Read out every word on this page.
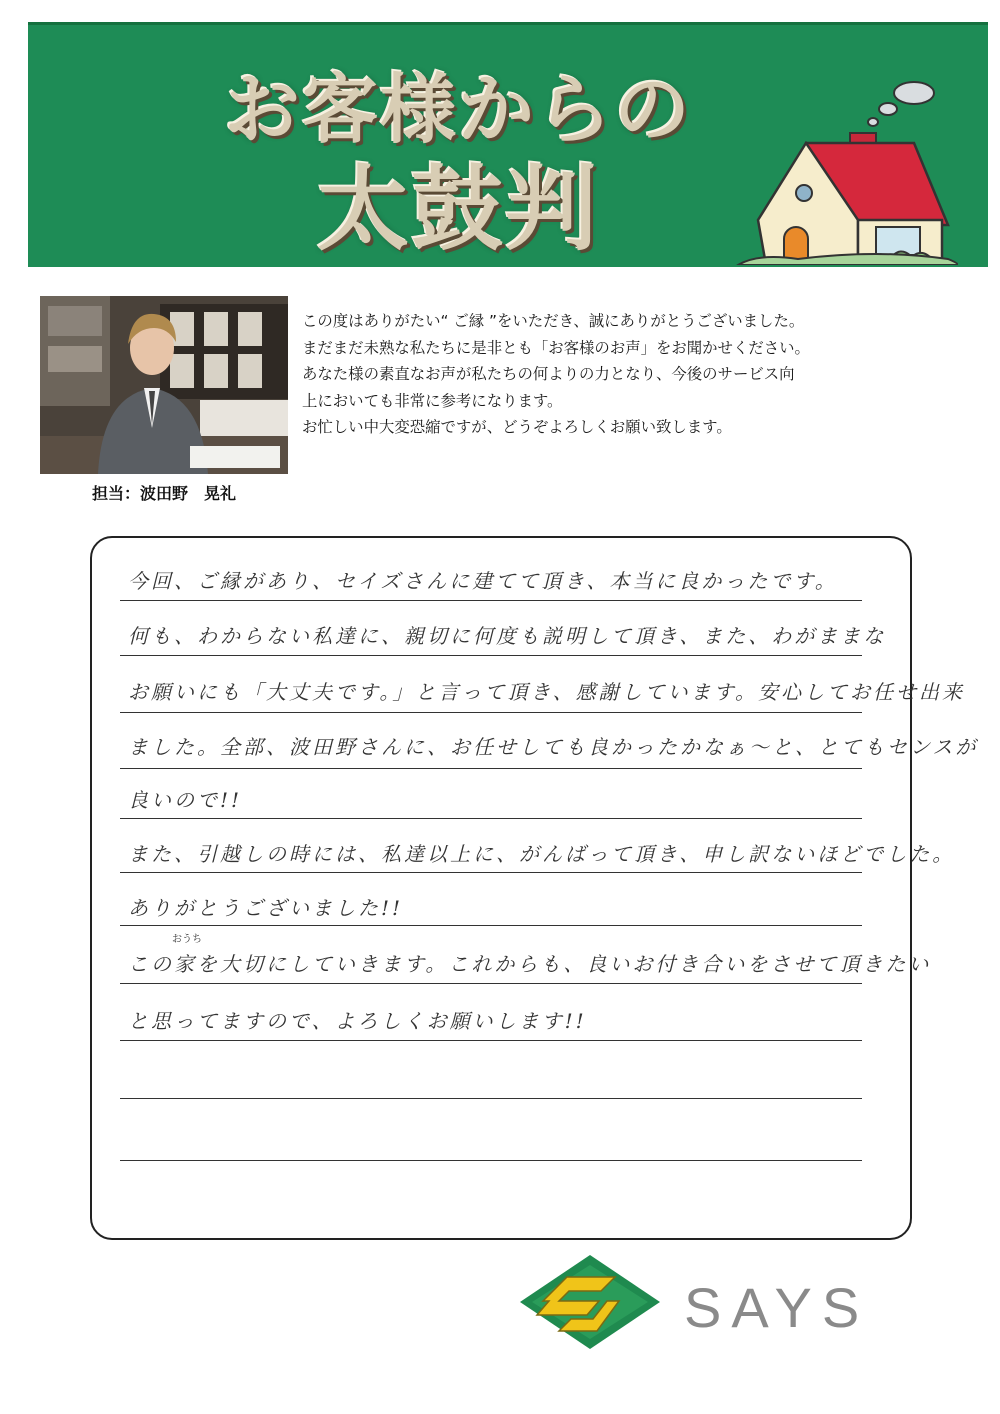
お客様からの
太鼓判
担当：波田野　晃礼
この度はありがたい“ ご縁 ”をいただき、誠にありがとうございました。
まだまだ未熟な私たちに是非とも「お客様のお声」をお聞かせください。
あなた様の素直なお声が私たちの何よりの力となり、今後のサービス向
上においても非常に参考になります。
お忙しい中大変恐縮ですが、どうぞよろしくお願い致します。
今回、ご縁があり、セイズさんに建てて頂き、本当に良かったです。
何も、わからない私達に、親切に何度も説明して頂き、また、わがままな
お願いにも「大丈夫です。」と言って頂き、感謝しています。安心してお任せ出来
ました。全部、波田野さんに、お任せしても良かったかなぁ～と、とてもセンスが
良いので!!
また、引越しの時には、私達以上に、がんばって頂き、申し訳ないほどでした。
ありがとうございました!!
おうち
この家を大切にしていきます。これからも、良いお付き合いをさせて頂きたい
と思ってますので、よろしくお願いします!!
SAYS
